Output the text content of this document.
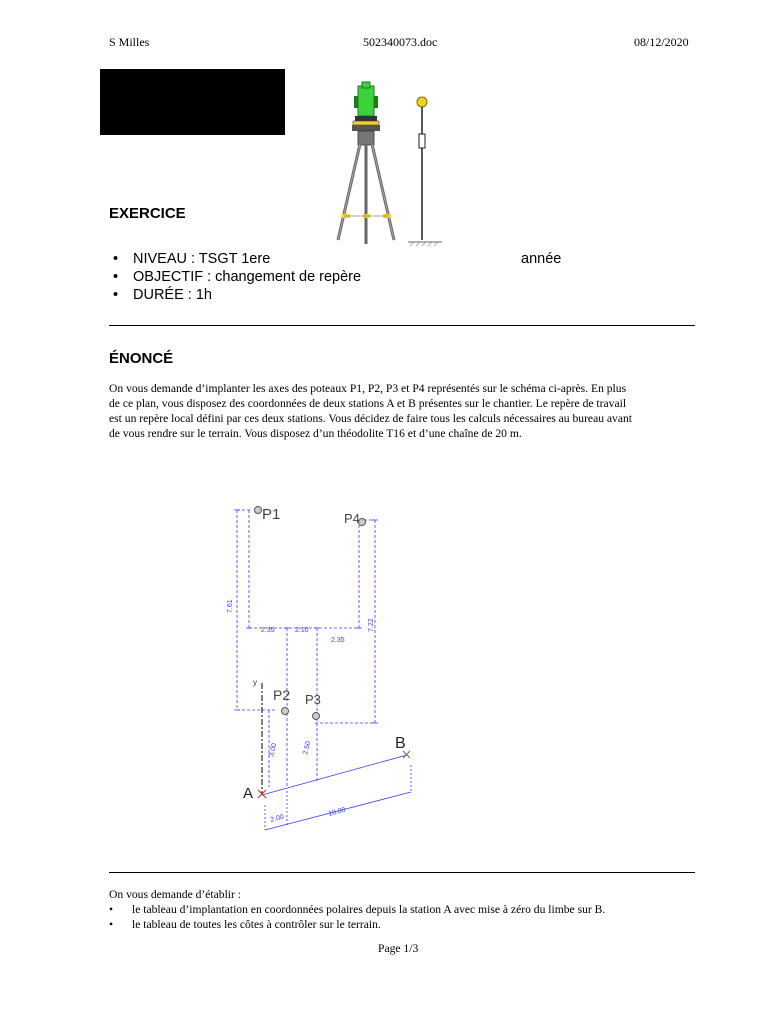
S Milles	502340073.doc	08/12/2020
EXERCICE
• NIVEAU : TSGT 1ere	année
• OBJECTIF : changement de repère
• DURÉE : 1h
ÉNONCÉ
On vous demande d’implanter les axes des poteaux P1, P2, P3 et P4 représentés sur le schéma ci-après. En plus
de ce plan, vous disposez des coordonnées de deux stations A et B présentes sur le chantier. Le repère de travail
est un repère local défini par ces deux stations. Vous décidez de faire tous les calculs nécessaires au bureau avant
de vous rendre sur le terrain. Vous disposez d’un théodolite T16 et d’une chaîne de 20 m.
P1	P4
P2 P3
A
B
y
7.61
2.35	2.10
2.35
7.22
3.00	2.50
2.00
10.00
On vous demande d’établir :
• le tableau d’implantation en coordonnées polaires depuis la station A avec mise à zéro du limbe sur B.
• le tableau de toutes les côtes à contrôler sur le terrain.
Page 1/3
